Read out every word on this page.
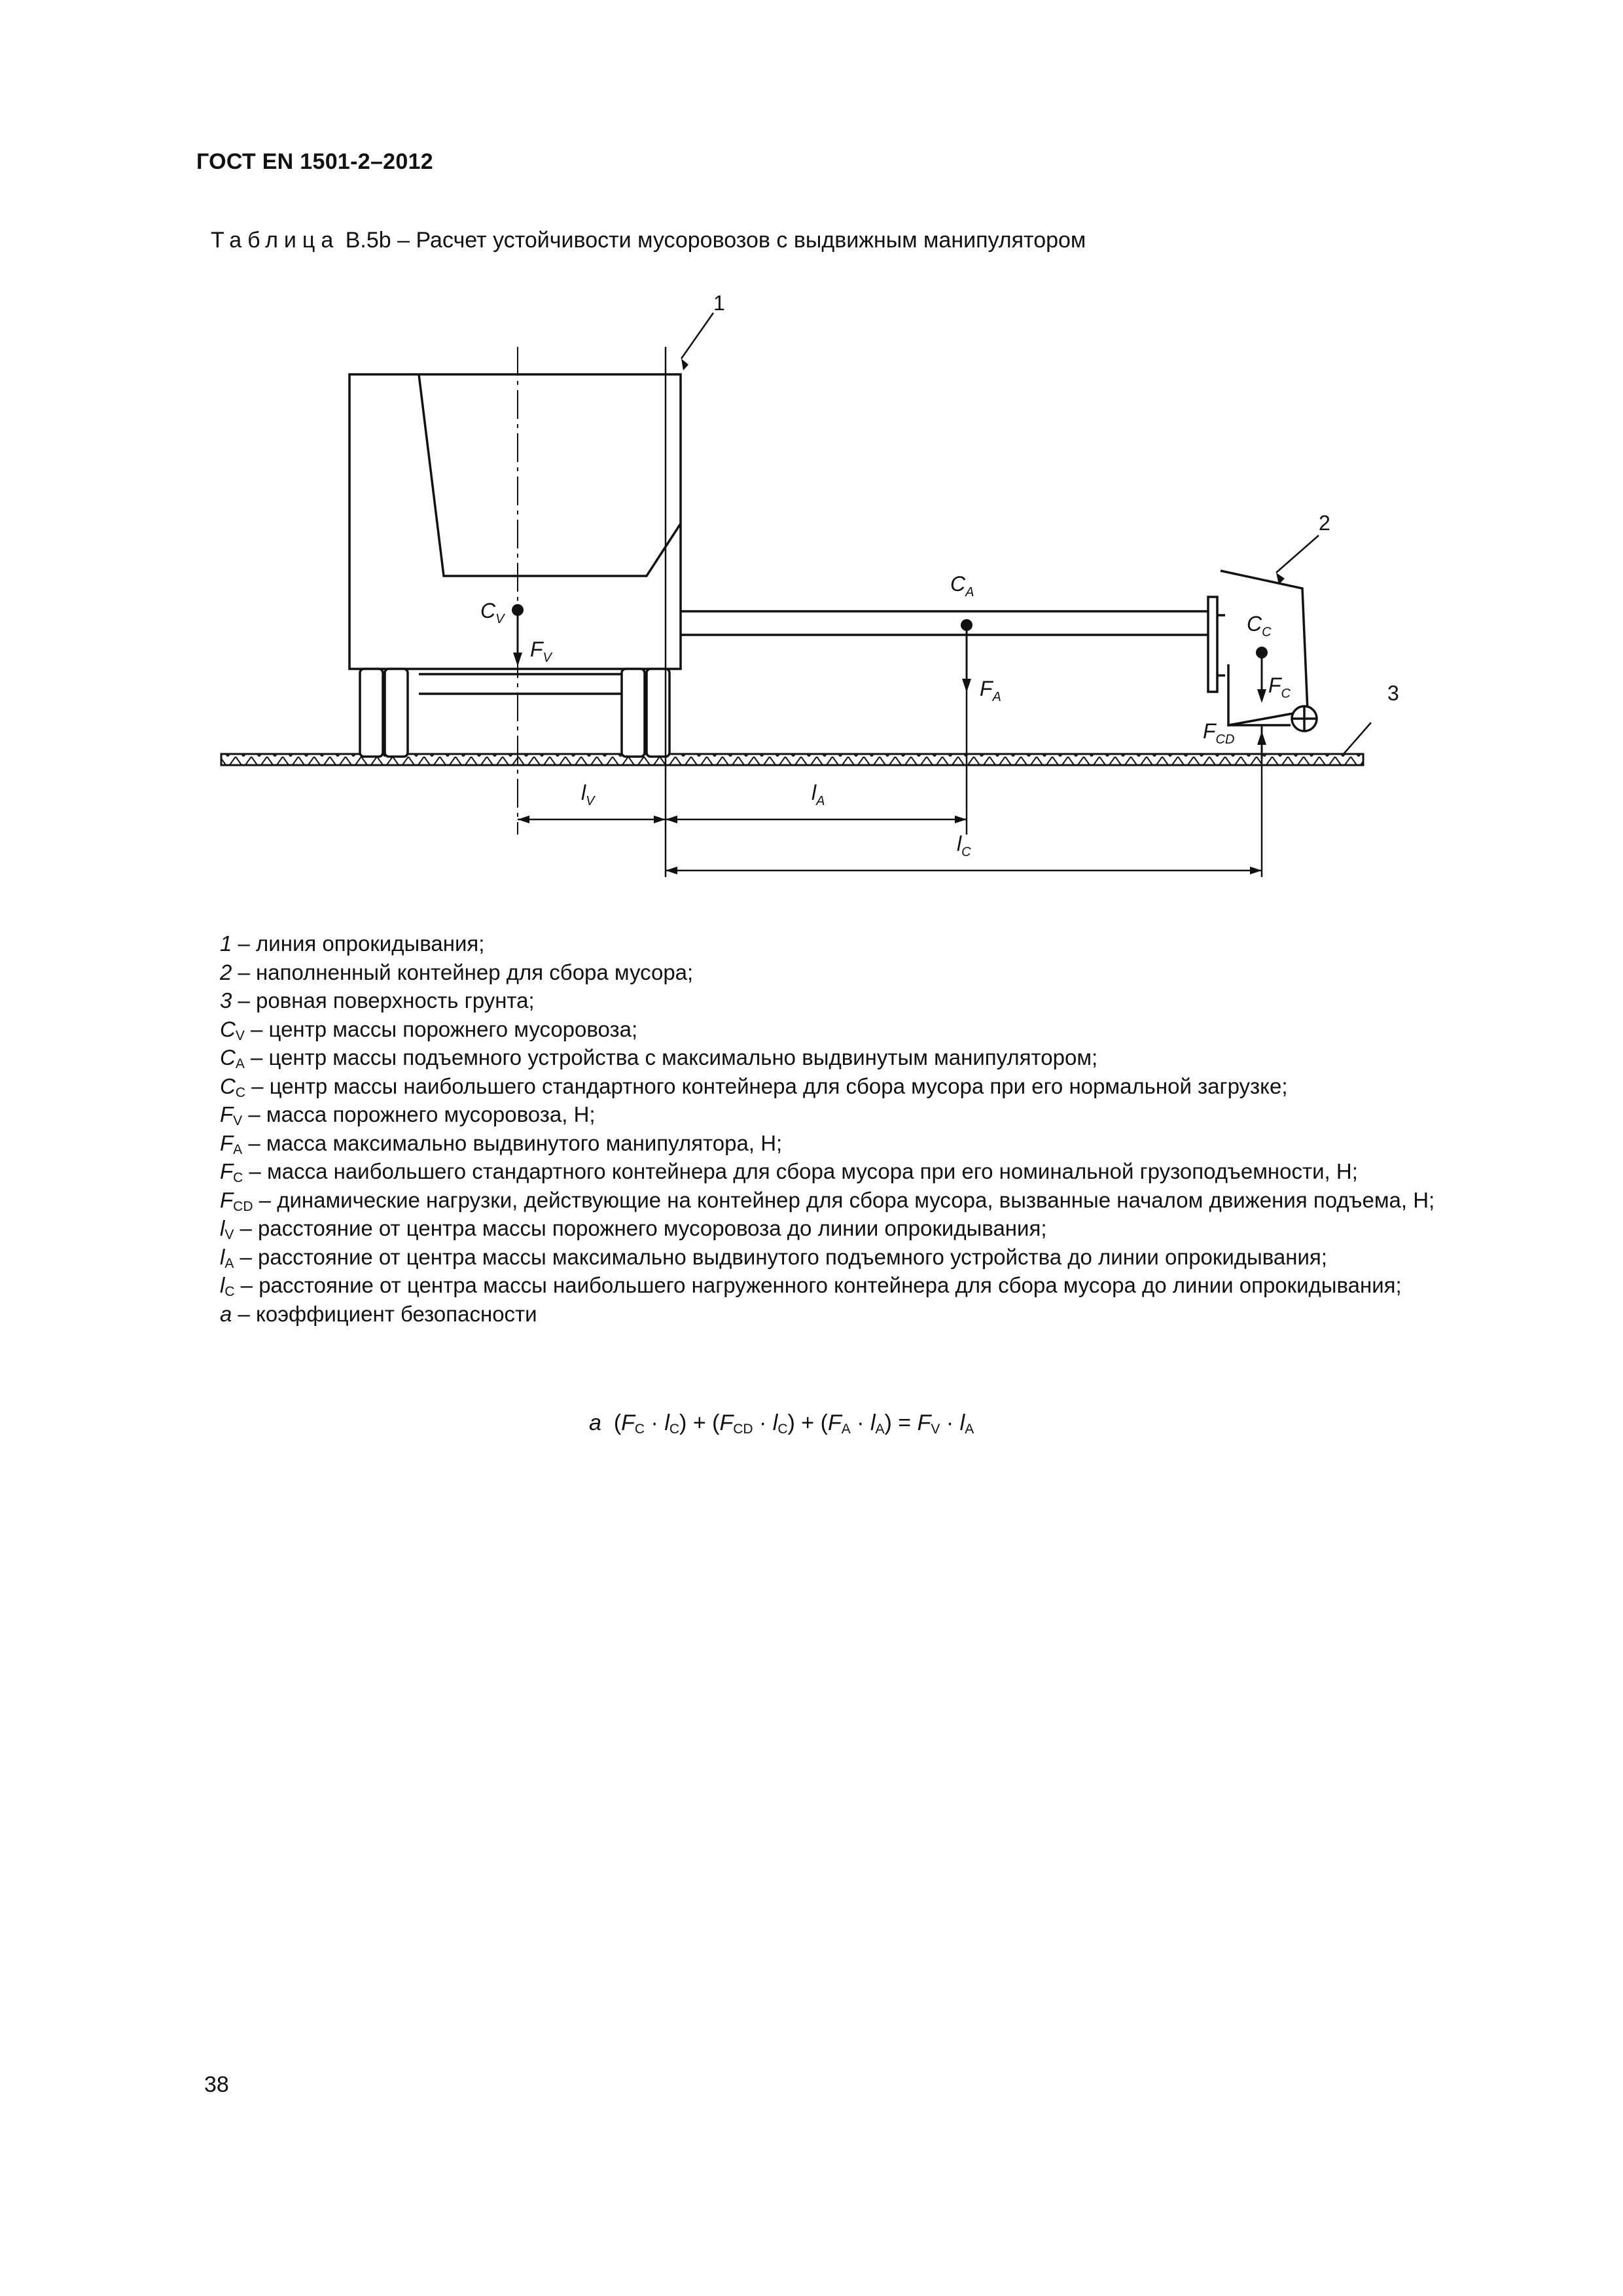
ГОСТ EN 1501-2–2012
Таблица B.5b – Расчет устойчивости мусоровозов с выдвижным манипулятором
1
2
3
$C_V$
$F_V$
$C_A$
$F_A$
$C_C$
$F_C$
$F_{CD}$
$l_V$	$l_A$
$l_C$
1 – линия опрокидывания;
2 – наполненный контейнер для сбора мусора;
3 – ровная поверхность грунта;
$C_V$ – центр массы порожнего мусоровоза;
$C_A$ – центр массы подъемного устройства с максимально выдвинутым манипулятором;
$C_C$ – центр массы наибольшего стандартного контейнера для сбора мусора при его нормальной загрузке;
$F_V$ – масса порожнего мусоровоза, Н;
$F_A$ – масса максимально выдвинутого манипулятора, Н;
$F_C$ – масса наибольшего стандартного контейнера для сбора мусора при его номинальной грузоподъемности, Н;
$F_{CD}$ – динамические нагрузки, действующие на контейнер для сбора мусора, вызванные началом движения подъема, Н;
$l_V$ – расстояние от центра массы порожнего мусоровоза до линии опрокидывания;
$l_A$ – расстояние от центра массы максимально выдвинутого подъемного устройства до линии опрокидывания;
$l_C$ – расстояние от центра массы наибольшего нагруженного контейнера для сбора мусора до линии опрокидывания;
a – коэффициент безопасности
a  $(F_C \cdot l_C) + (F_{CD} \cdot l_C) + (F_A \cdot l_A) = F_V \cdot l_A$
38
